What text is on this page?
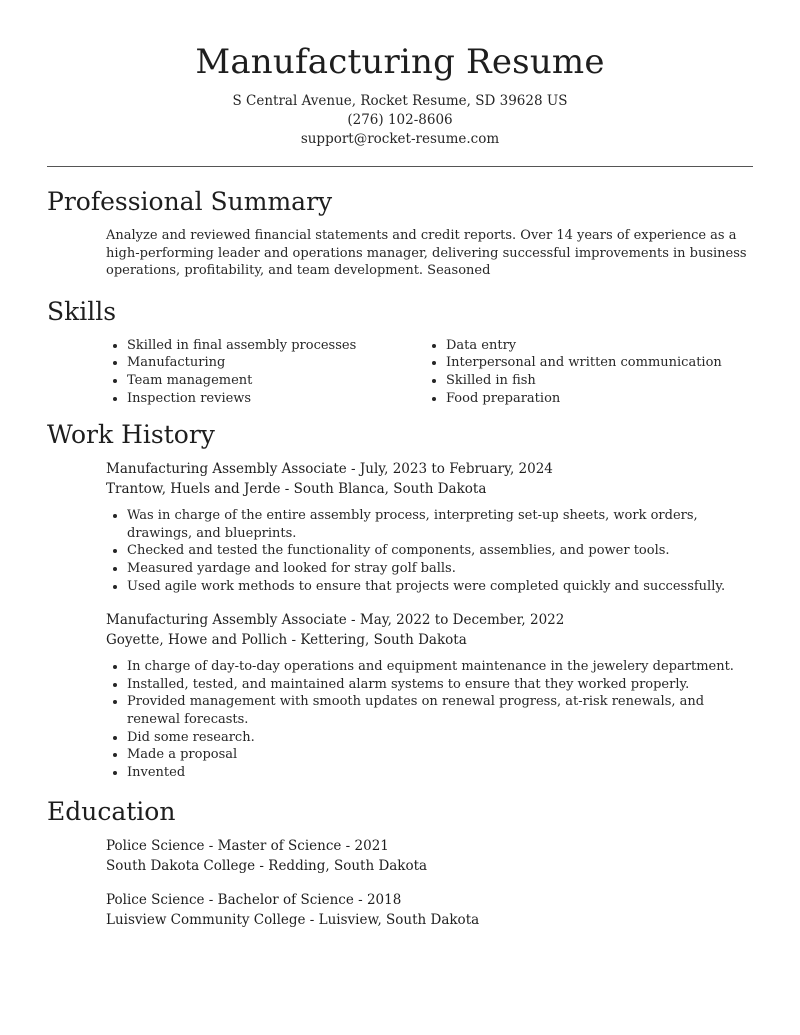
Manufacturing Resume
S Central Avenue, Rocket Resume, SD 39628 US
(276) 102-8606
support@rocket-resume.com
Professional Summary
Analyze and reviewed financial statements and credit reports. Over 14 years of experience as a high-performing leader and operations manager, delivering successful improvements in business operations, profitability, and team development. Seasoned
Skills
• Skilled in final assembly processes
• Manufacturing
• Team management
• Inspection reviews
• Data entry
• Interpersonal and written communication
• Skilled in fish
• Food preparation
Work History
Manufacturing Assembly Associate - July, 2023 to February, 2024
Trantow, Huels and Jerde - South Blanca, South Dakota
• Was in charge of the entire assembly process, interpreting set-up sheets, work orders, drawings, and blueprints.
• Checked and tested the functionality of components, assemblies, and power tools.
• Measured yardage and looked for stray golf balls.
• Used agile work methods to ensure that projects were completed quickly and successfully.
Manufacturing Assembly Associate - May, 2022 to December, 2022
Goyette, Howe and Pollich - Kettering, South Dakota
• In charge of day-to-day operations and equipment maintenance in the jewelery department.
• Installed, tested, and maintained alarm systems to ensure that they worked properly.
• Provided management with smooth updates on renewal progress, at-risk renewals, and renewal forecasts.
• Did some research.
• Made a proposal
• Invented
Education
Police Science - Master of Science - 2021
South Dakota College - Redding, South Dakota
Police Science - Bachelor of Science - 2018
Luisview Community College - Luisview, South Dakota
